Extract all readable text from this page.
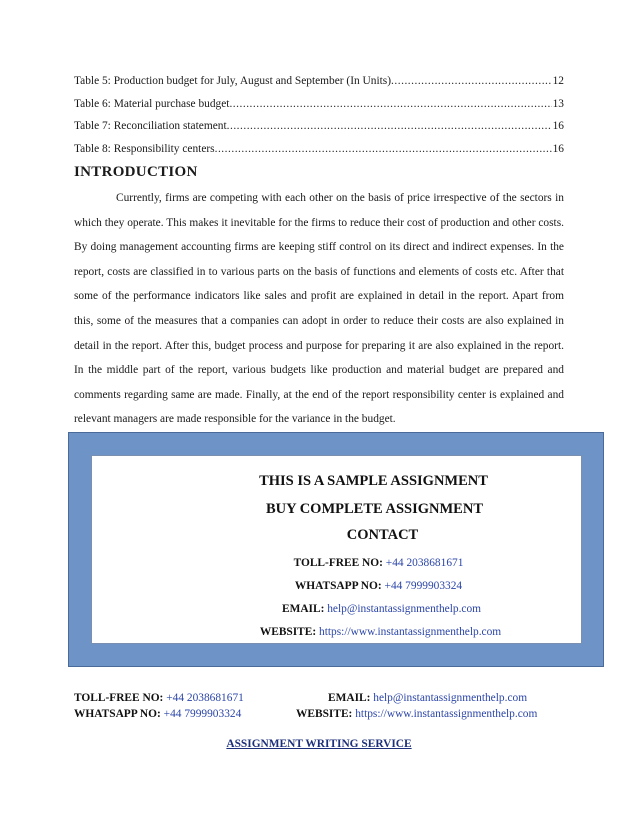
Table 5: Production budget for July, August and September (In Units) .....	12
Table 6: Material purchase budget .....	13
Table 7: Reconciliation statement .....	16
Table 8: Responsibility centers .....	16
INTRODUCTION

Currently, firms are competing with each other on the basis of price irrespective of the sectors in which they operate. This makes it inevitable for the firms to reduce their cost of production and other costs. By doing management accounting firms are keeping stiff control on its direct and indirect expenses. In the report, costs are classified in to various parts on the basis of functions and elements of costs etc. After that some of the performance indicators like sales and profit are explained in detail in the report. Apart from this, some of the measures that a companies can adopt in order to reduce their costs are also explained in detail in the report. After this, budget process and purpose for preparing it are also explained in the report. In the middle part of the report, various budgets like production and material budget are prepared and comments regarding same are made. Finally, at the end of the report responsibility center is explained and relevant managers are made responsible for the variance in the budget.

THIS IS A SAMPLE ASSIGNMENT
BUY COMPLETE ASSIGNMENT
CONTACT
TOLL-FREE NO: +44 2038681671
WHATSAPP NO: +44 7999903324
EMAIL: help@instantassignmenthelp.com
WEBSITE: https://www.instantassignmenthelp.com
TOLL-FREE NO: +44 2038681671	EMAIL: help@instantassignmenthelp.com
WHATSAPP NO: +44 7999903324	WEBSITE: https://www.instantassignmenthelp.com
ASSIGNMENT WRITING SERVICE
